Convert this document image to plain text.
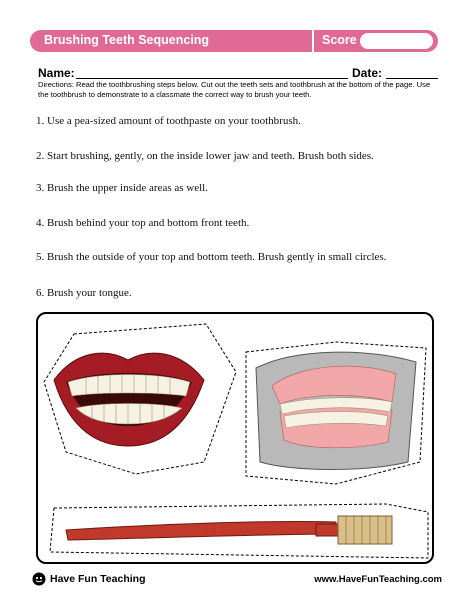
Brushing Teeth Sequencing	Score
Name:	Date:
Directions: Read the toothbrushing steps below. Cut out the teeth sets and toothbrush at the bottom of the page. Use the toothbrush to demonstrate to a classmate the correct way to brush your teeth.
1. Use a pea-sized amount of toothpaste on your toothbrush.
2. Start brushing, gently, on the inside lower jaw and teeth. Brush both sides.
3. Brush the upper inside areas as well.
4. Brush behind your top and bottom front teeth.
5. Brush the outside of your top and bottom teeth. Brush gently in small circles.
6. Brush your tongue.
Have Fun Teaching	www.HaveFunTeaching.com
